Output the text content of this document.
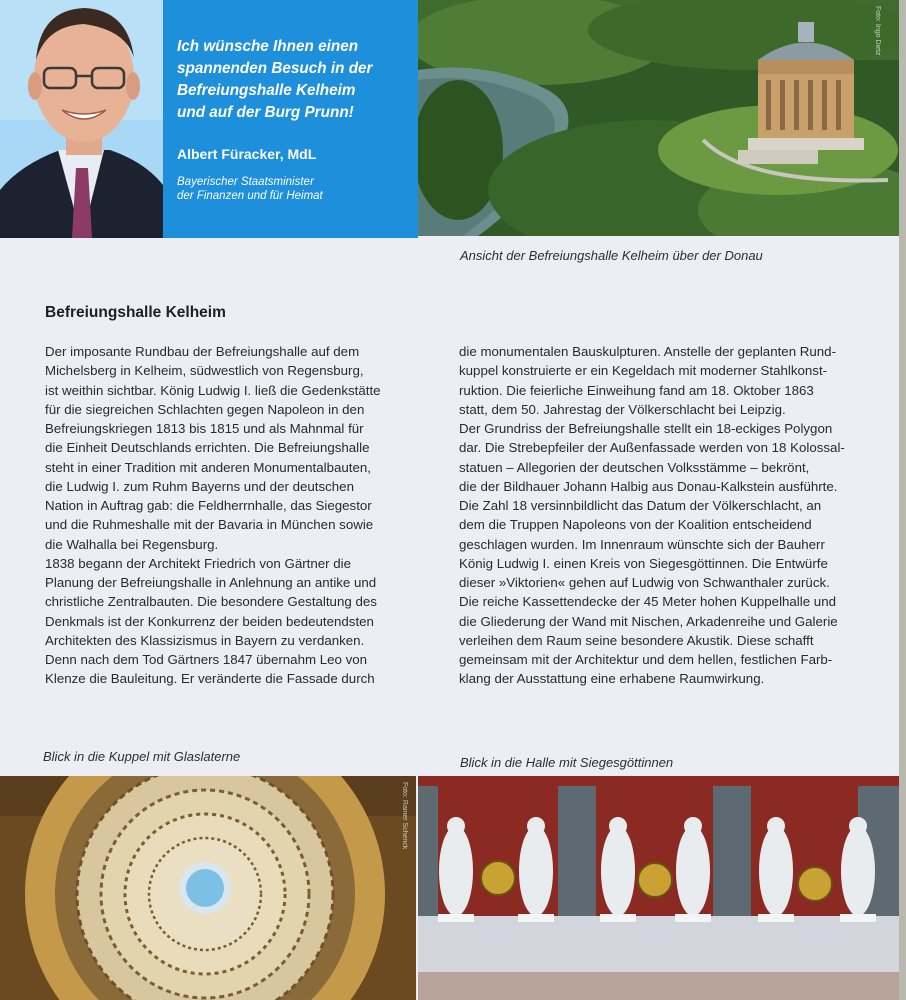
Ich wünsche Ihnen einen
spannenden Besuch in der
Befreiungshalle Kelheim
und auf der Burg Prunn!
Albert Füracker, MdL
Bayerischer Staatsminister
der Finanzen und für Heimat
Foto: Ingo Dietz
Ansicht der Befreiungshalle Kelheim über der Donau
Befreiungshalle Kelheim
Der imposante Rundbau der Befreiungshalle auf dem
Michelsberg in Kelheim, südwestlich von Regensburg,
ist weithin sichtbar. König Ludwig I. ließ die Gedenkstätte
für die siegreichen Schlachten gegen Napoleon in den
Befreiungskriegen 1813 bis 1815 und als Mahnmal für
die Einheit Deutschlands errichten. Die Befreiungshalle
steht in einer Tradition mit anderen Monumentalbauten,
die Ludwig I. zum Ruhm Bayerns und der deutschen
Nation in Auftrag gab: die Feldherrnhalle, das Siegestor
und die Ruhmeshalle mit der Bavaria in München sowie
die Walhalla bei Regensburg.
1838 begann der Architekt Friedrich von Gärtner die
Planung der Befreiungshalle in Anlehnung an antike und
christliche Zentralbauten. Die besondere Gestaltung des
Denkmals ist der Konkurrenz der beiden bedeutendsten
Architekten des Klassizismus in Bayern zu verdanken.
Denn nach dem Tod Gärtners 1847 übernahm Leo von
Klenze die Bauleitung. Er veränderte die Fassade durch
die monumentalen Bauskulpturen. Anstelle der geplanten Rund-
kuppel konstruierte er ein Kegeldach mit moderner Stahlkonst-
ruktion. Die feierliche Einweihung fand am 18. Oktober 1863
statt, dem 50. Jahrestag der Völkerschlacht bei Leipzig.
Der Grundriss der Befreiungshalle stellt ein 18-eckiges Polygon
dar. Die Strebepfeiler der Außenfassade werden von 18 Kolossal-
statuen – Allegorien der deutschen Volksstämme – bekrönt,
die der Bildhauer Johann Halbig aus Donau-Kalkstein ausführte.
Die Zahl 18 versinnbildlicht das Datum der Völkerschlacht, an
dem die Truppen Napoleons von der Koalition entscheidend
geschlagen wurden. Im Innenraum wünschte sich der Bauherr
König Ludwig I. einen Kreis von Siegesgöttinnen. Die Entwürfe
dieser »Viktorien« gehen auf Ludwig von Schwanthaler zurück.
Die reiche Kassettendecke der 45 Meter hohen Kuppelhalle und
die Gliederung der Wand mit Nischen, Arkadenreihe und Galerie
verleihen dem Raum seine besondere Akustik. Diese schafft
gemeinsam mit der Architektur und dem hellen, festlichen Farb-
klang der Ausstattung eine erhabene Raumwirkung.
Blick in die Kuppel mit Glaslaterne	Blick in die Halle mit Siegesgöttinnen
Foto: Rainer Schenck
